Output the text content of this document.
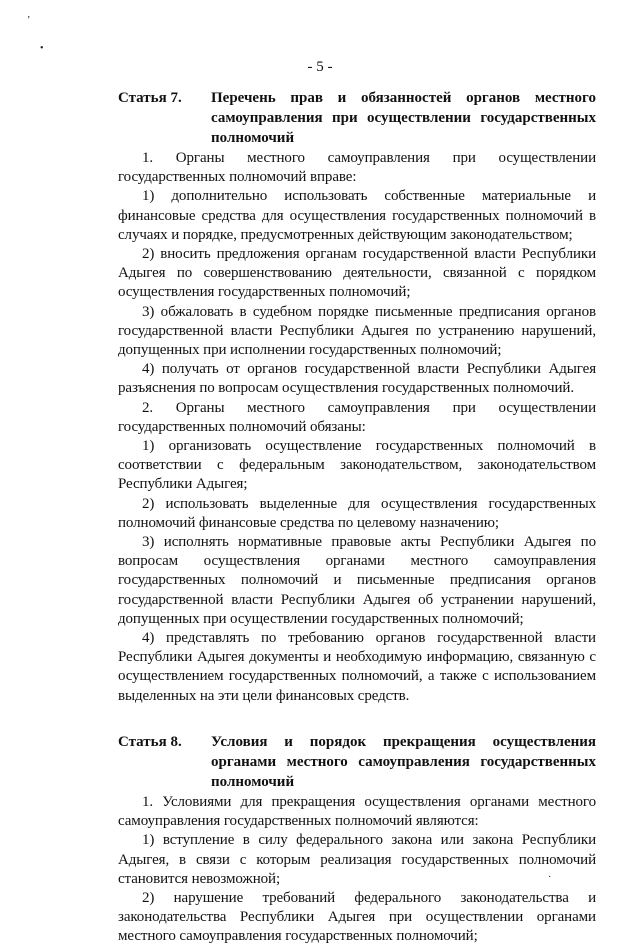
’
•
- 5 -
Статья 7.	Перечень прав и обязанностей органов местного самоуправления при осуществлении государственных полномочий

1. Органы местного самоуправления при осуществлении государственных полномочий вправе:

1) дополнительно использовать собственные материальные и финансовые средства для осуществления государственных полномочий в случаях и порядке, предусмотренных действующим законодательством;

2) вносить предложения органам государственной власти Республики Адыгея по совершенствованию деятельности, связанной с порядком осуществления государственных полномочий;

3) обжаловать в судебном порядке письменные предписания органов государственной власти Республики Адыгея по устранению нарушений, допущенных при исполнении государственных полномочий;

4) получать от органов государственной власти Республики Адыгея разъяснения по вопросам осуществления государственных полномочий.

2. Органы местного самоуправления при осуществлении государственных полномочий обязаны:

1) организовать осуществление государственных полномочий в соответствии с федеральным законодательством, законодательством Республики Адыгея;

2) использовать выделенные для осуществления государственных полномочий финансовые средства по целевому назначению;

3) исполнять нормативные правовые акты Республики Адыгея по вопросам осуществления органами местного самоуправления государственных полномочий и письменные предписания органов государственной власти Республики Адыгея об устранении нарушений, допущенных при осуществлении государственных полномочий;

4) представлять по требованию органов государственной власти Республики Адыгея документы и необходимую информацию, связанную с осуществлением государственных полномочий, а также с использованием выделенных на эти цели финансовых средств.

Статья 8.	Условия и порядок прекращения осуществления органами местного самоуправления государственных полномочий

1. Условиями для прекращения осуществления органами местного самоуправления государственных полномочий являются:

1) вступление в силу федерального закона или закона Республики Адыгея, в связи с которым реализация государственных полномочий становится невозможной;

2) нарушение требований федерального законодательства и законодательства Республики Адыгея при осуществлении органами местного самоуправления государственных полномочий;

·
